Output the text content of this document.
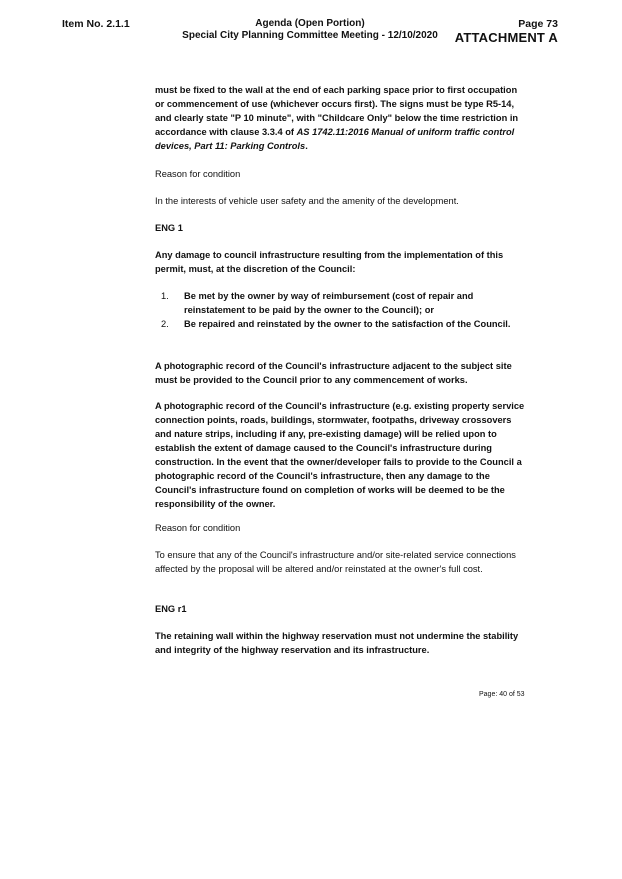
Item No. 2.1.1	Agenda (Open Portion)
Special City Planning Committee Meeting - 12/10/2020
Page 73
ATTACHMENT A
must be fixed to the wall at the end of each parking space prior to first occupation or commencement of use (whichever occurs first). The signs must be type R5-14, and clearly state "P 10 minute", with "Childcare Only" below the time restriction in accordance with clause 3.3.4 of AS 1742.11:2016 Manual of uniform traffic control devices, Part 11: Parking Controls.
Reason for condition
In the interests of vehicle user safety and the amenity of the development.
ENG 1
Any damage to council infrastructure resulting from the implementation of this permit, must, at the discretion of the Council:
1. Be met by the owner by way of reimbursement (cost of repair and reinstatement to be paid by the owner to the Council); or
2. Be repaired and reinstated by the owner to the satisfaction of the Council.
A photographic record of the Council's infrastructure adjacent to the subject site must be provided to the Council prior to any commencement of works.
A photographic record of the Council's infrastructure (e.g. existing property service connection points, roads, buildings, stormwater, footpaths, driveway crossovers and nature strips, including if any, pre-existing damage) will be relied upon to establish the extent of damage caused to the Council's infrastructure during construction. In the event that the owner/developer fails to provide to the Council a photographic record of the Council's infrastructure, then any damage to the Council's infrastructure found on completion of works will be deemed to be the responsibility of the owner.
Reason for condition
To ensure that any of the Council's infrastructure and/or site-related service connections affected by the proposal will be altered and/or reinstated at the owner's full cost.
ENG r1
The retaining wall within the highway reservation must not undermine the stability and integrity of the highway reservation and its infrastructure.
Page: 40 of 53
